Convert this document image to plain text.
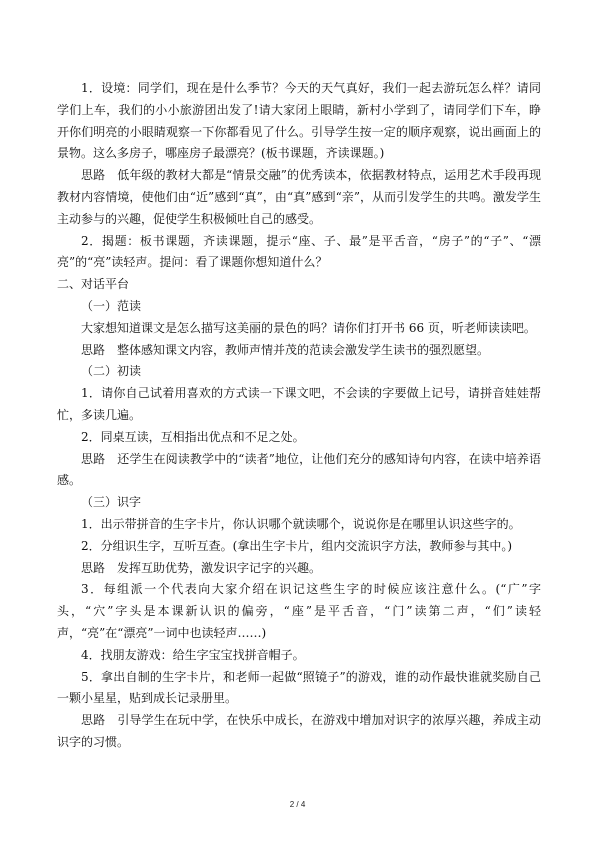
1．设境：同学们，现在是什么季节？今天的天气真好，我们一起去游玩怎么样？请同学们上车，我们的小小旅游团出发了!请大家闭上眼睛，新村小学到了，请同学们下车，睁开你们明亮的小眼睛观察一下你都看见了什么。引导学生按一定的顺序观察，说出画面上的景物。这么多房子，哪座房子最漂亮？(板书课题，齐读课题。)

思路　低年级的教材大都是“情景交融”的优秀读本，依据教材特点，运用艺术手段再现教材内容情境，使他们由“近”感到“真”，由“真”感到“亲”，从而引发学生的共鸣。激发学生主动参与的兴趣，促使学生积极倾吐自己的感受。

2．揭题：板书课题，齐读课题，提示“座、子、最”是平舌音，“房子”的“子”、“漂亮”的“亮”读轻声。提问：看了课题你想知道什么？

二、对话平台

（一）范读

大家想知道课文是怎么描写这美丽的景色的吗？请你们打开书 66 页，听老师读读吧。

思路　整体感知课文内容，教师声情并茂的范读会激发学生读书的强烈愿望。

（二）初读

1．请你自己试着用喜欢的方式读一下课文吧，不会读的字要做上记号，请拼音娃娃帮忙，多读几遍。

2．同桌互读，互相指出优点和不足之处。

思路　还学生在阅读教学中的“读者”地位，让他们充分的感知诗句内容，在读中培养语感。

（三）识字

1．出示带拼音的生字卡片，你认识哪个就读哪个，说说你是在哪里认识这些字的。

2．分组识生字，互听互查。(拿出生字卡片，组内交流识字方法，教师参与其中。)

思路　发挥互助优势，激发识字记字的兴趣。

3．每组派一个代表向大家介绍在识记这些生字的时候应该注意什么。(“广”字头，“穴”字头是本课新认识的偏旁，“座”是平舌音，“门”读第二声，“们”读轻声，“亮”在“漂亮”一词中也读轻声……)

4．找朋友游戏：给生字宝宝找拼音帽子。

5．拿出自制的生字卡片，和老师一起做“照镜子”的游戏，谁的动作最快谁就奖励自己一颗小星星，贴到成长记录册里。

思路　引导学生在玩中学，在快乐中成长，在游戏中增加对识字的浓厚兴趣，养成主动识字的习惯。

2 / 4
